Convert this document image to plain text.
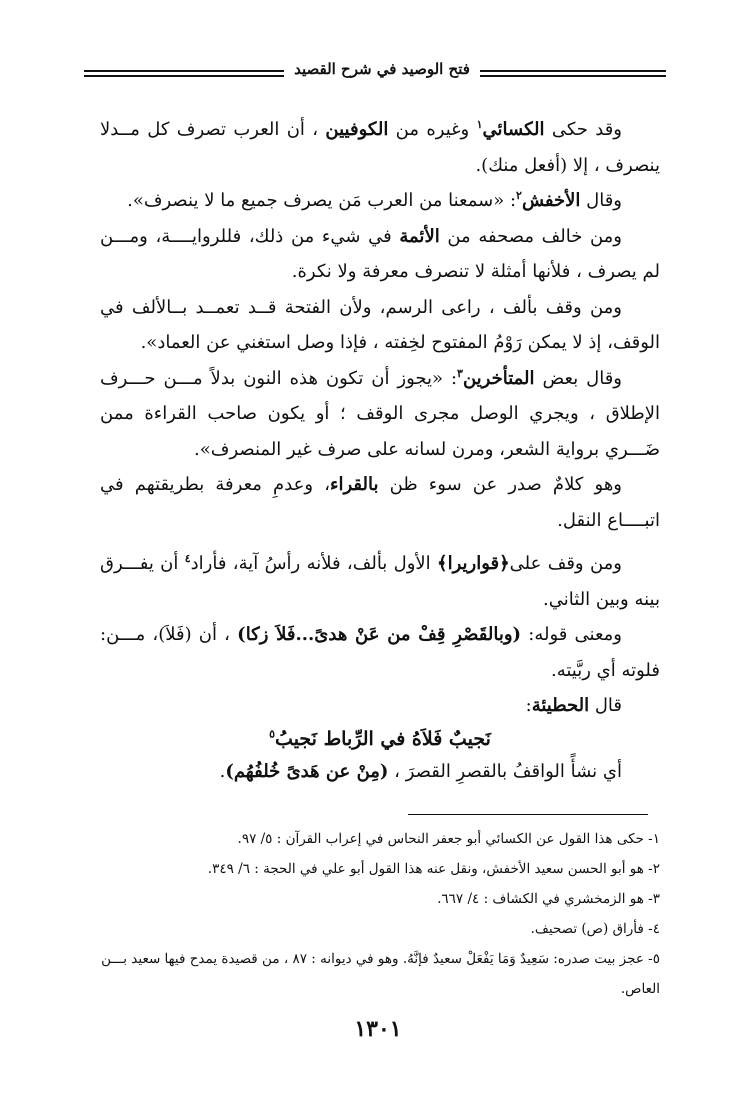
فتح الوصيد في شرح القصيد

وقد حكى الكسائي$^١$ وغيره من الكوفيين ، أن العرب تصرف كل مــدلا ينصرف ، إلا (أفعل منك).

وقال الأخفش$^٢$: «سمعنا من العرب مَن يصرف جميع ما لا ينصرف».

ومن خالف مصحفه من الأئمة في شيء من ذلك، فللروايــــة، ومـــن لم يصرف ، فلأنها أمثلة لا تنصرف معرفة ولا نكرة.

ومن وقف بألف ، راعى الرسم، ولأن الفتحة قــد تعمــد بــالألف في الوقف، إذ لا يمكن رَوْمُ المفتوح لخِفته ، فإذا وصل استغني عن العماد».

وقال بعض المتأخرين$^٣$: «يجوز أن تكون هذه النون بدلاً مـــن حـــرف الإطلاق ، ويجري الوصل مجرى الوقف ؛ أو يكون صاحب القراءة ممن ضَـــري برواية الشعر، ومرن لسانه على صرف غير المنصرف».

وهو كلامٌ صدر عن سوء ظن بالقراء، وعدمِ معرفة بطريقتهم في اتبــــاع النقل.

ومن وقف على﴿قواريرا﴾ الأول بألف، فلأنه رأسُ آية، فأراد$^٤$ أن يفـــرق بينه وبين الثاني.

ومعنى قوله: (وبالقَصْرِ قِفْ من عَنْ هدىً...فَلاَ زكا) ، أن (فَلاَ)، مـــن: فلوته أي ربَّيته.

قال الحطيئة:

نَجيبٌ فَلاَهُ في الرِّباط نَجيبُ$^٥$

أي نشأً الواقفُ بالقصرِ القصرَ ، (مِنْ عن هَدىً خُلفُهُم).

١- حكى هذا القول عن الكسائي أبو جعفر النحاس في إعراب القرآن : ٥/ ٩٧.

٢- هو أبو الحسن سعيد الأخفش، ونقل عنه هذا القول أبو علي في الحجة : ٦/ ٣٤٩.

٣- هو الزمخشري في الكشاف : ٤/ ٦٦٧.

٤- فأراق (ص) تصحيف.

٥- عجز بيت صدره: سَعِيدٌ وَمَا يَفْعَلْ سعيدٌ فإنَّهُ. وهو في ديوانه : ٨٧ ، من قصيدة يمدح فيها سعيد بـــن العاص.

١٣٠١
